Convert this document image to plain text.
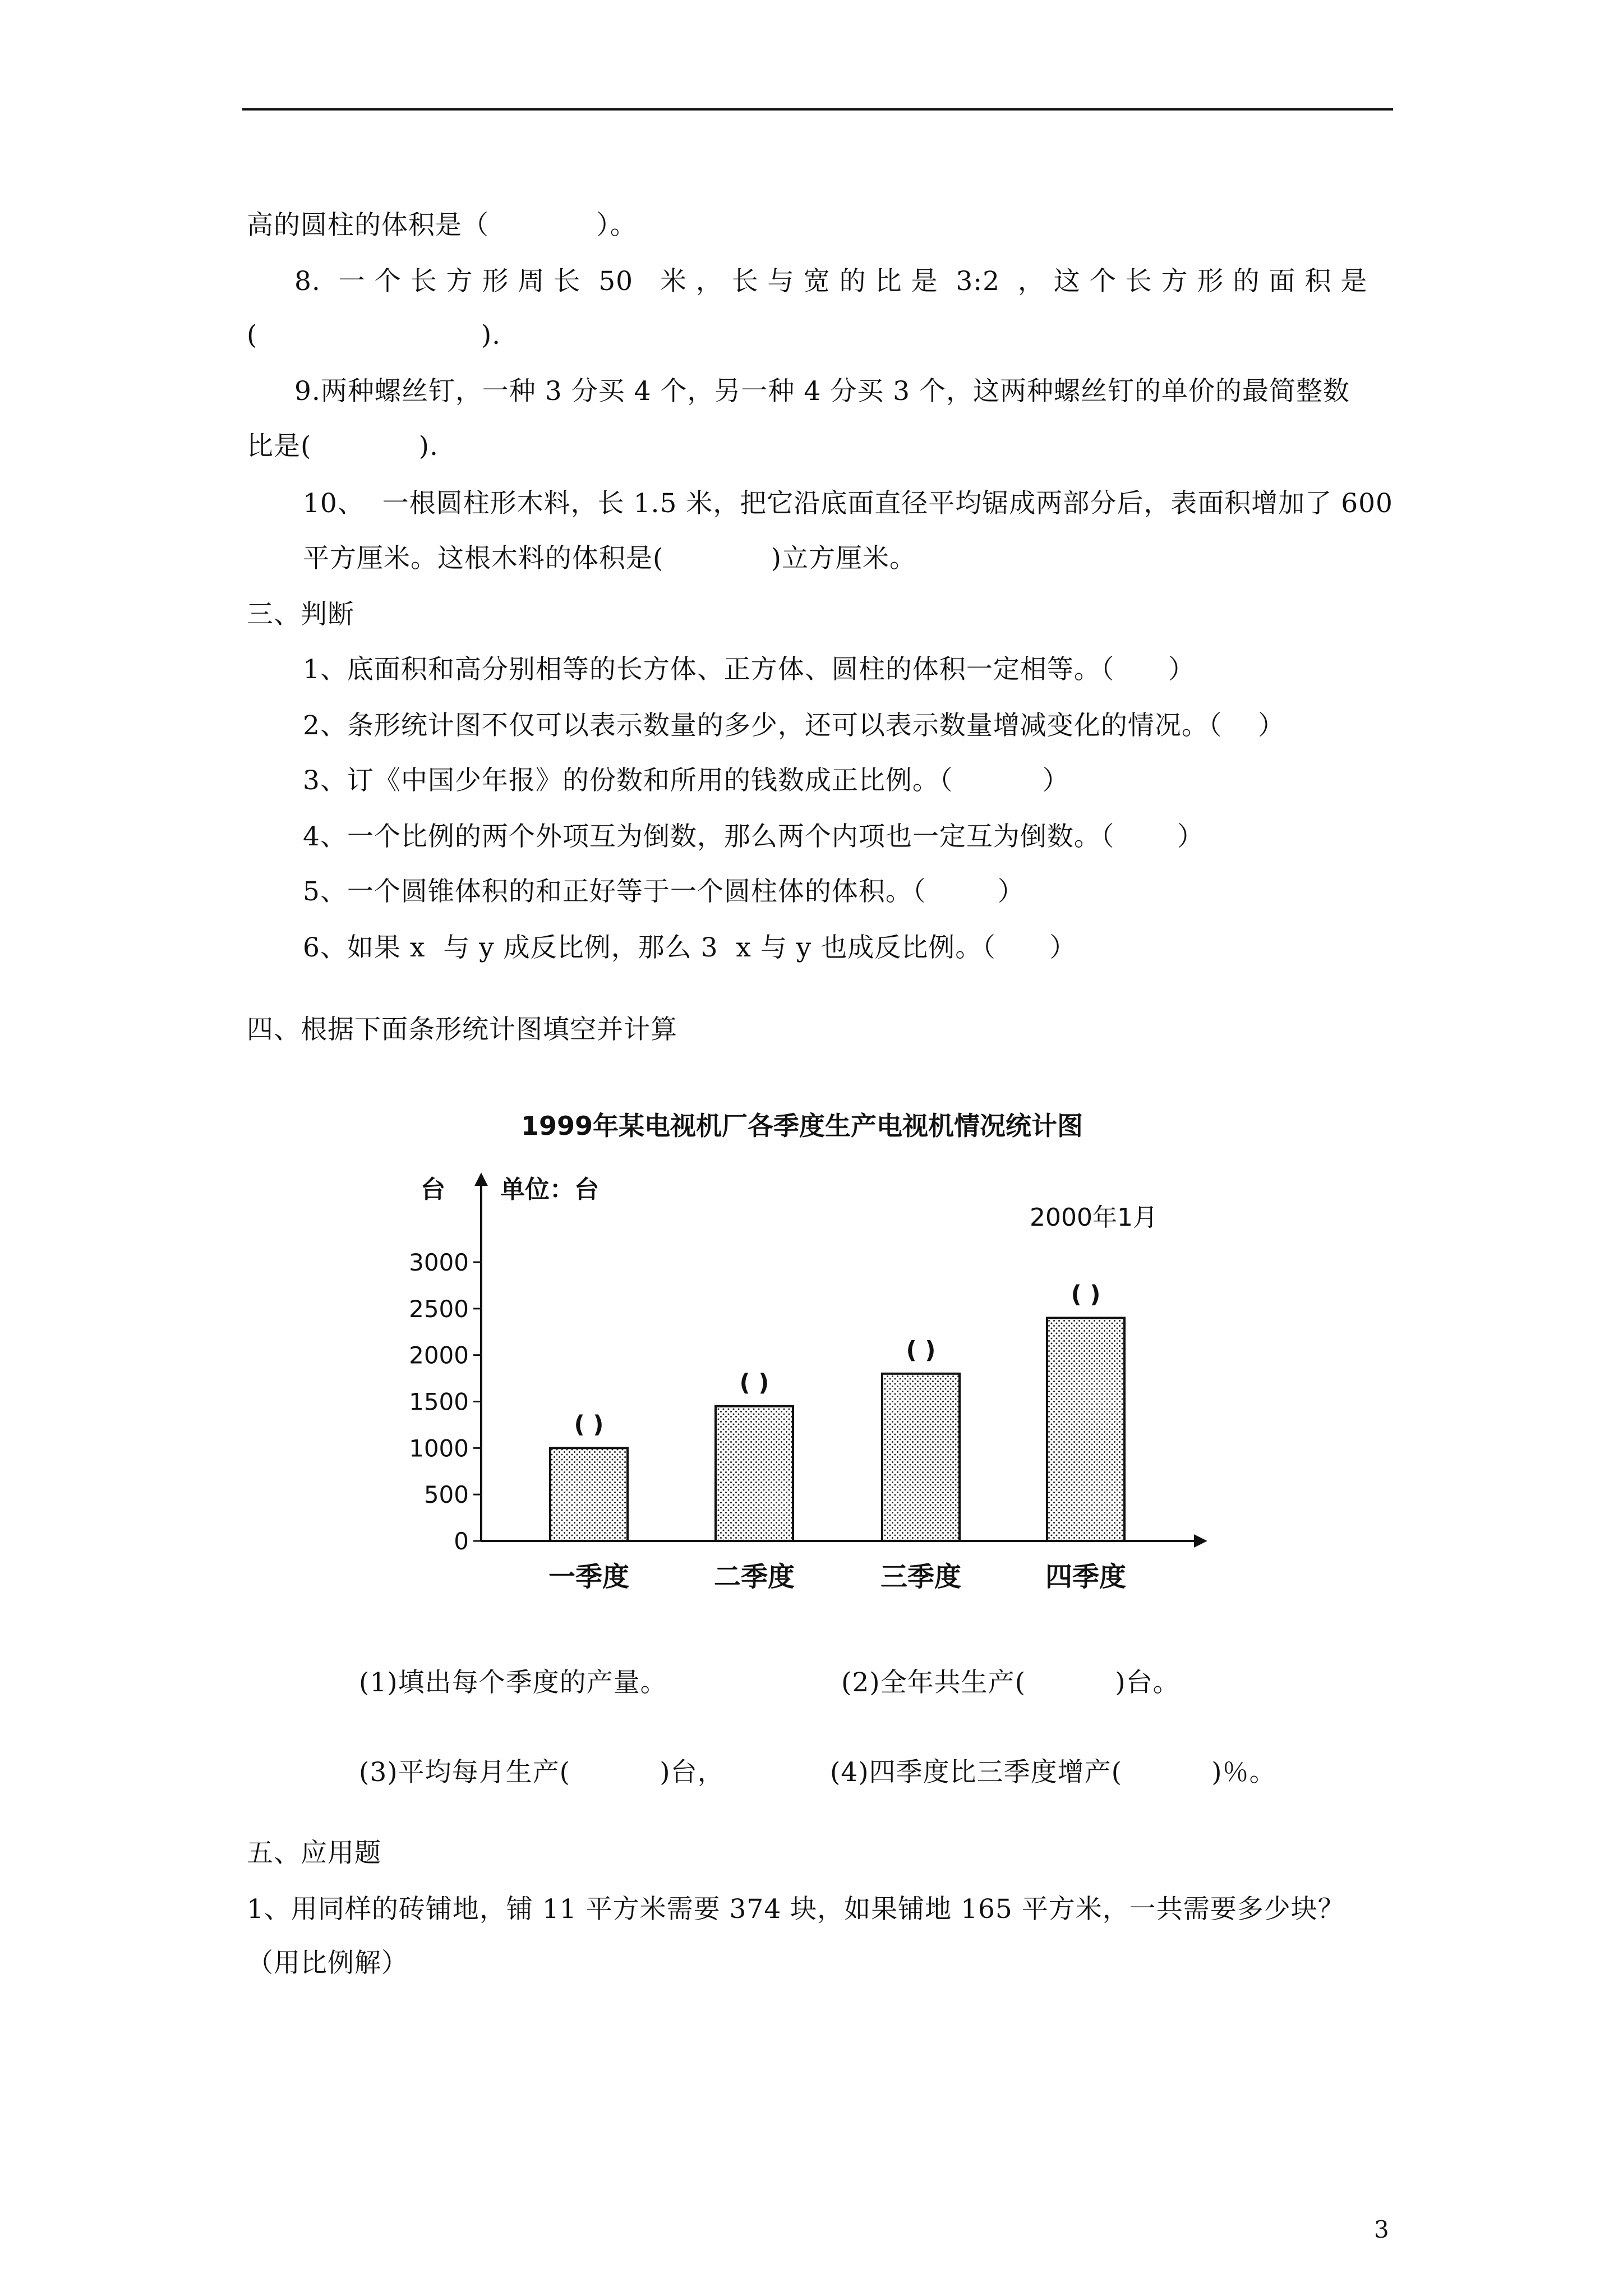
高的圆柱的体积是（            ）。
8.  一 个 长 方 形 周 长  50   米 ， 长 与 宽 的 比 是  3:2  ， 这 个 长 方 形 的 面 积 是
(                         ).
9.两种螺丝钉，一种 3 分买 4 个，另一种 4 分买 3 个，这两种螺丝钉的单价的最简整数
比是(            ).
10、  一根圆柱形木料，长 1.5 米，把它沿底面直径平均锯成两部分后，表面积增加了 600
平方厘米。这根木料的体积是(            )立方厘米。
三、判断
1、底面积和高分别相等的长方体、正方体、圆柱的体积一定相等。（      ）
2、条形统计图不仅可以表示数量的多少，还可以表示数量增减变化的情况。（    ）
3、订《中国少年报》的份数和所用的钱数成正比例。（          ）
4、一个比例的两个外项互为倒数，那么两个内项也一定互为倒数。（       ）
5、一个圆锥体积的和正好等于一个圆柱体的体积。（        ）
6、如果 x  与 y 成反比例，那么 3  x 与 y 也成反比例。（      ）
四、根据下面条形统计图填空并计算
1999年某电视机厂各季度生产电视机情况统计图
台 单位：台
2000年1月
0
500
1000
1500
2000
2500
3000
( )
一季度
( )
二季度
( )
三季度
( )
四季度
(1)填出每个季度的产量。	(2)全年共生产(          )台。
(3)平均每月生产(          )台，	(4)四季度比三季度增产(          )％。
五、应用题
1、用同样的砖铺地，铺 11 平方米需要 374 块，如果铺地 165 平方米，一共需要多少块？
（用比例解）
3
